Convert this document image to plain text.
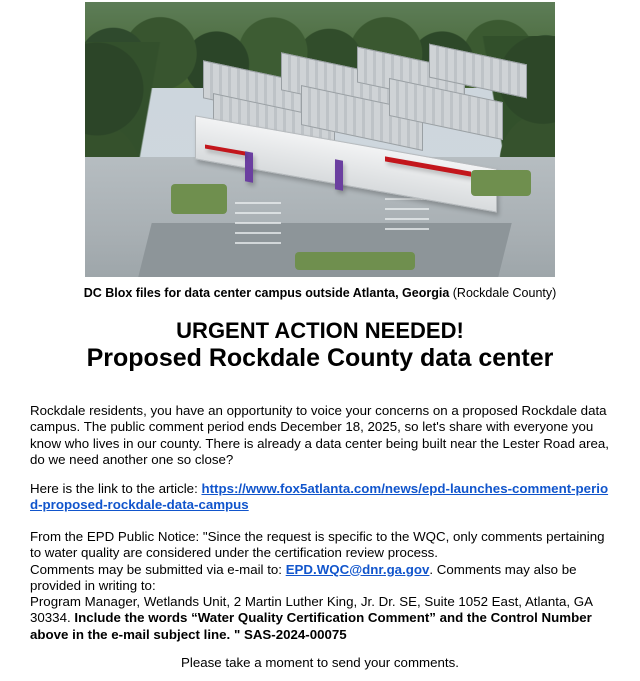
DC Blox files for data center campus outside Atlanta, Georgia (Rockdale County)
URGENT ACTION NEEDED!
Proposed Rockdale County data center
Rockdale residents, you have an opportunity to voice your concerns on a proposed Rockdale data campus. The public comment period ends December 18, 2025, so let's share with everyone you know who lives in our county. There is already a data center being built near the Lester Road area, do we need another one so close?
Here is the link to the article: https://www.fox5atlanta.com/news/epd-launches-comment-period-proposed-rockdale-data-campus
From the EPD Public Notice: "Since the request is specific to the WQC, only comments pertaining to water quality are considered under the certification review process.
Comments may be submitted via e-mail to: EPD.WQC@dnr.ga.gov. Comments may also be provided in writing to:
Program Manager, Wetlands Unit, 2 Martin Luther King, Jr. Dr. SE, Suite 1052 East, Atlanta, GA 30334. Include the words “Water Quality Certification Comment” and the Control Number above in the e-mail subject line. " SAS-2024-00075
Please take a moment to send your comments.
